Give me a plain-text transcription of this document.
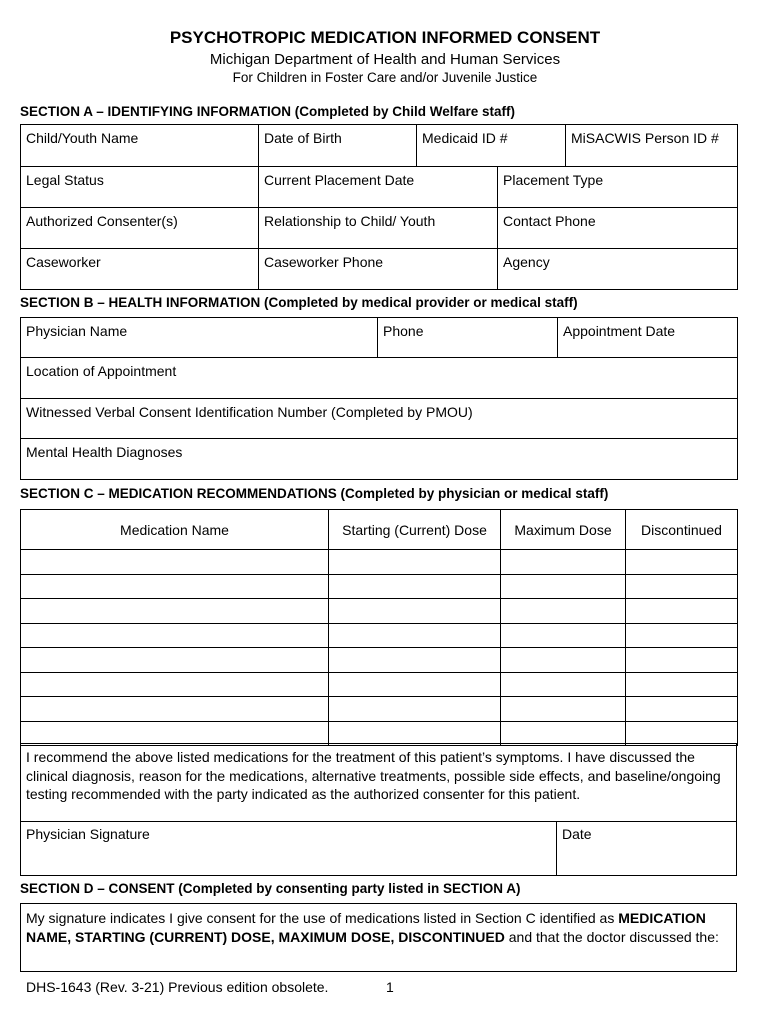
PSYCHOTROPIC MEDICATION INFORMED CONSENT
Michigan Department of Health and Human Services
For Children in Foster Care and/or Juvenile Justice
SECTION A – IDENTIFYING INFORMATION (Completed by Child Welfare staff)
Child/Youth Name	Date of Birth	Medicaid ID #		MiSACWIS Person ID #
Legal Status	Current Placement Date		Placement Type	
Authorized Consenter(s)	Relationship to Child/ Youth		Contact Phone	
Caseworker	Caseworker Phone		Agency	
SECTION B – HEALTH INFORMATION (Completed by medical provider or medical staff)
Physician Name	Phone	Appointment Date
Location of Appointment
Witnessed Verbal Consent Identification Number (Completed by PMOU)
Mental Health Diagnoses
SECTION C – MEDICATION RECOMMENDATIONS (Completed by physician or medical staff)
Medication Name	Starting (Current) Dose	Maximum Dose	Discontinued

I recommend the above listed medications for the treatment of this patient’s symptoms. I have discussed the clinical diagnosis, reason for the medications, alternative treatments, possible side effects, and baseline/ongoing testing recommended with the party indicated as the authorized consenter for this patient.
Physician Signature	Date
SECTION D – CONSENT (Completed by consenting party listed in SECTION A)
My signature indicates I give consent for the use of medications listed in Section C identified as MEDICATION NAME, STARTING (CURRENT) DOSE, MAXIMUM DOSE, DISCONTINUED and that the doctor discussed the:
DHS-1643 (Rev. 3-21) Previous edition obsolete.	1
